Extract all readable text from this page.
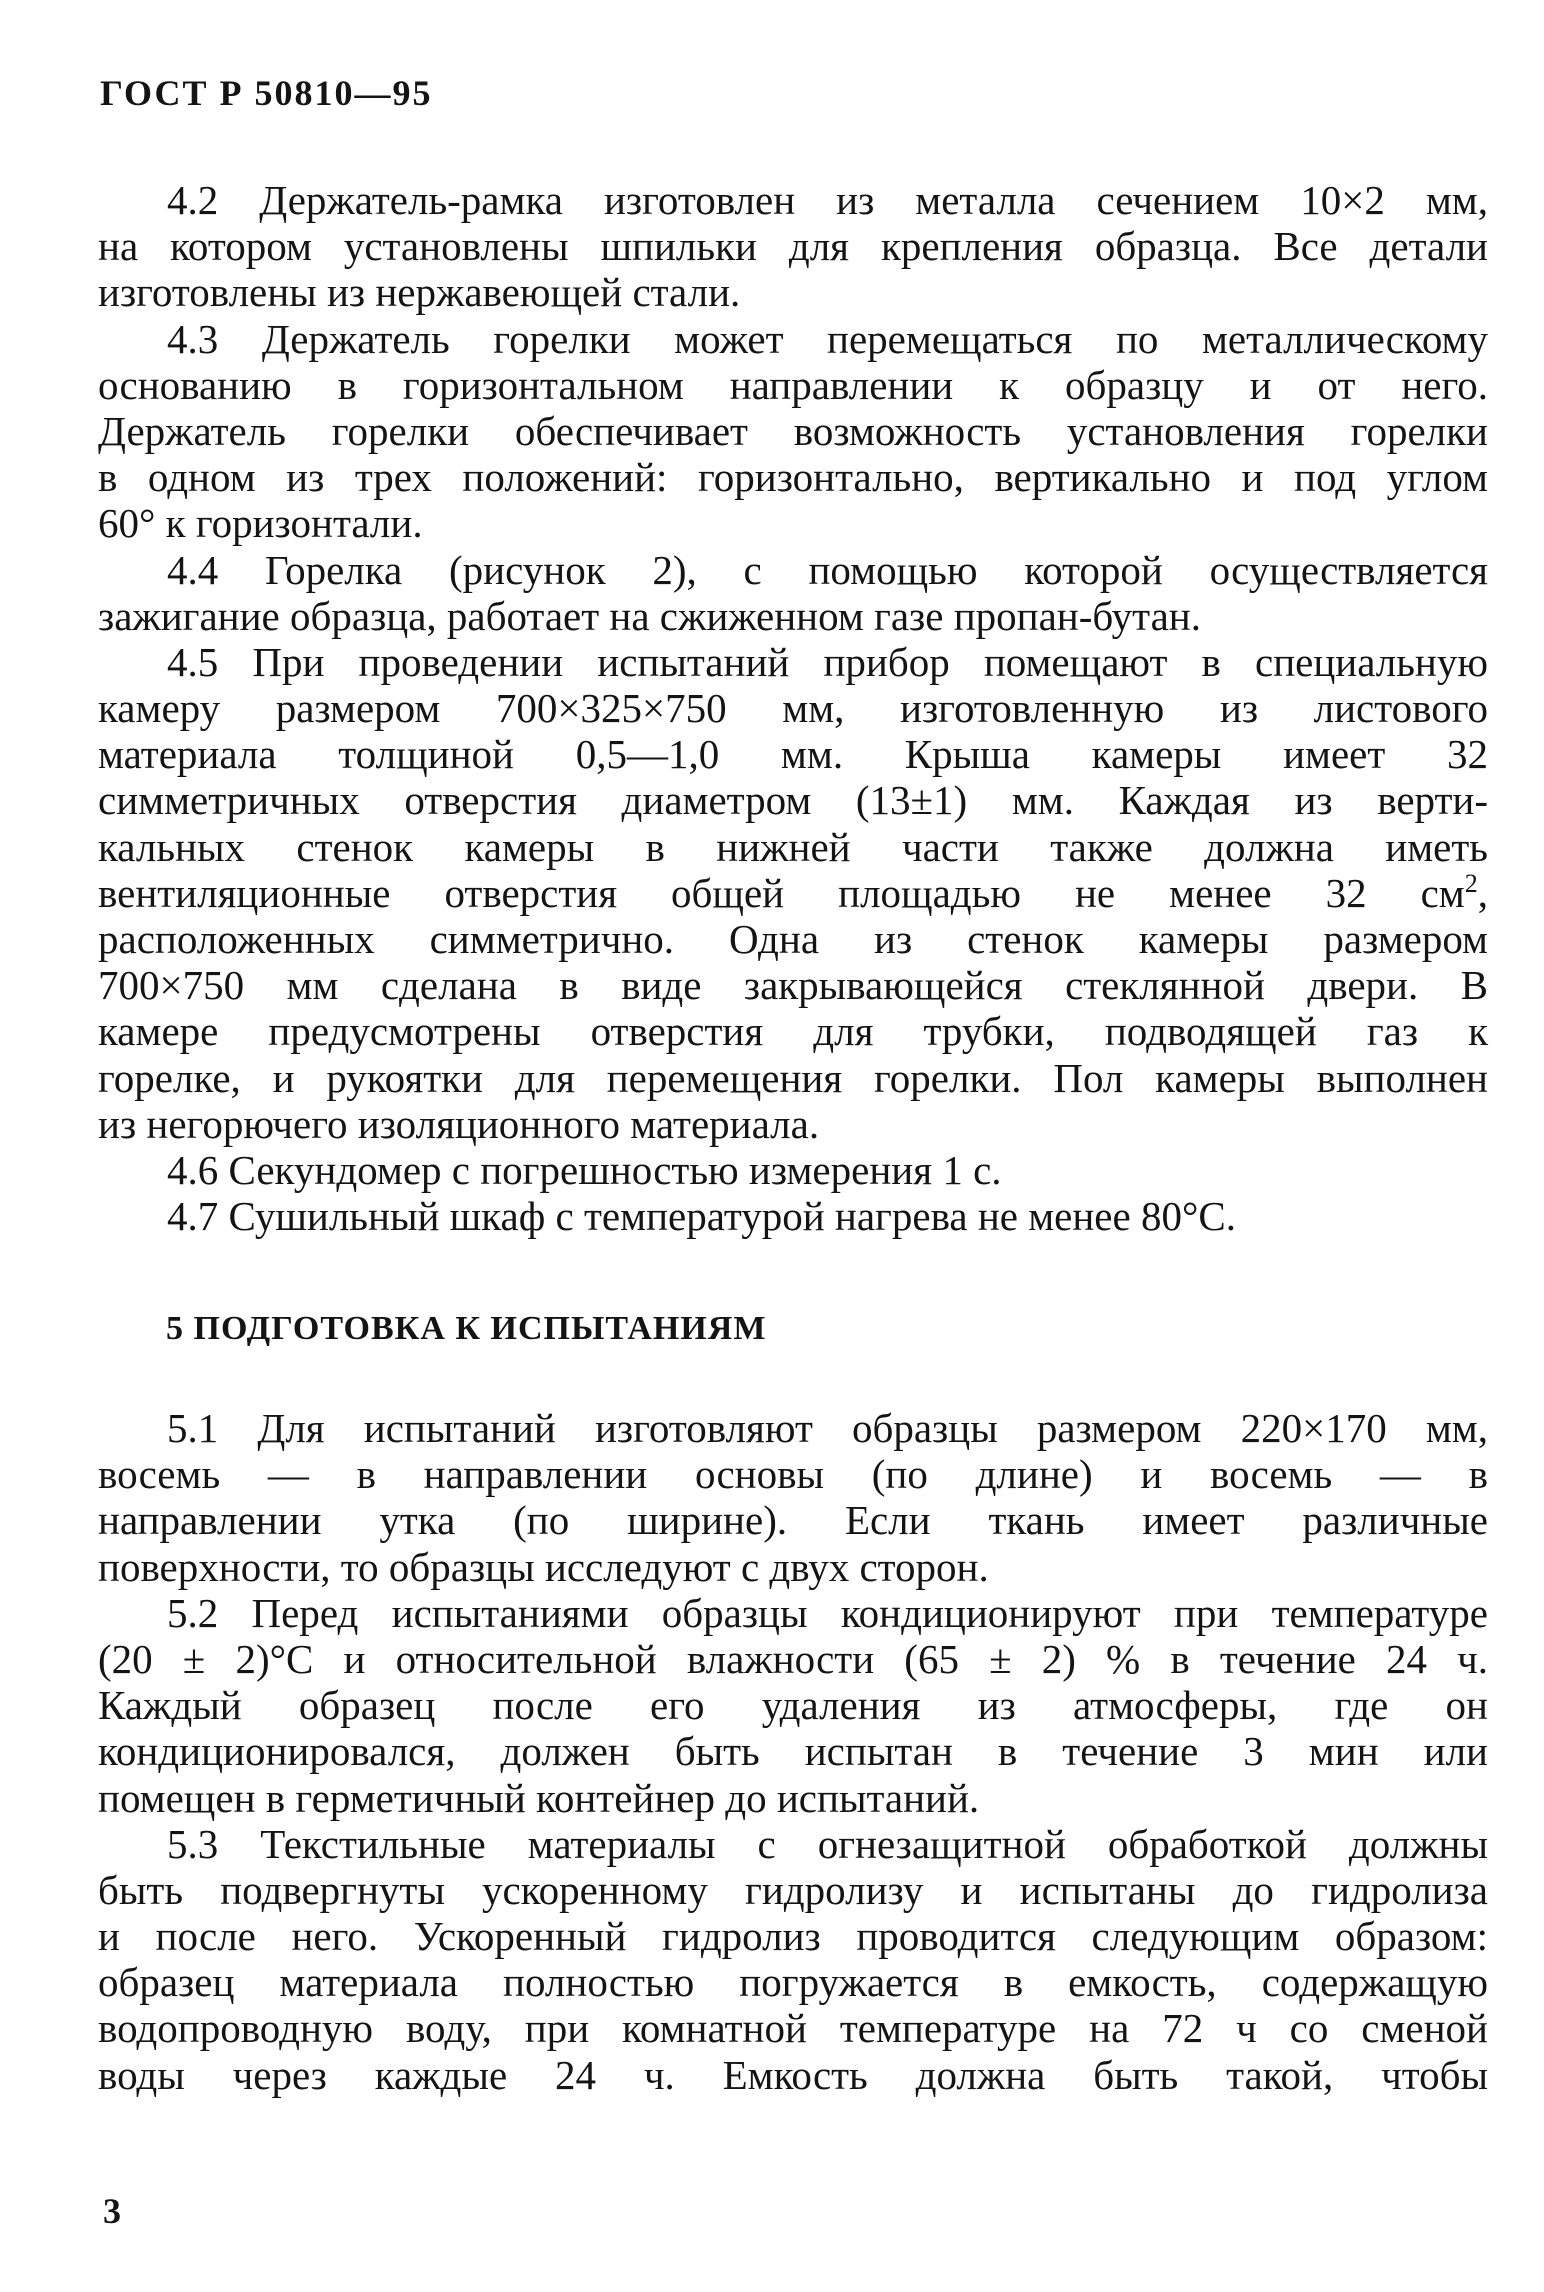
ГОСТ Р 50810—95
4.2 Держатель-рамка изготовлен из металла сечением 10×2 мм,
на котором установлены шпильки для крепления образца. Все детали
изготовлены из нержавеющей стали.
4.3 Держатель горелки может перемещаться по металлическому
основанию в горизонтальном направлении к образцу и от него.
Держатель горелки обеспечивает возможность установления горелки
в одном из трех положений: горизонтально, вертикально и под углом
60° к горизонтали.
4.4 Горелка (рисунок 2), с помощью которой осуществляется
зажигание образца, работает на сжиженном газе пропан-бутан.
4.5 При проведении испытаний прибор помещают в специальную
камеру размером 700×325×750 мм, изготовленную из листового
материала толщиной 0,5—1,0 мм. Крыша камеры имеет 32
симметричных отверстия диаметром (13±1) мм. Каждая из верти-
кальных стенок камеры в нижней части также должна иметь
вентиляционные отверстия общей площадью не менее 32 $см^2$,
расположенных симметрично. Одна из стенок камеры размером
700×750 мм сделана в виде закрывающейся стеклянной двери. В
камере предусмотрены отверстия для трубки, подводящей газ к
горелке, и рукоятки для перемещения горелки. Пол камеры выполнен
из негорючего изоляционного материала.
4.6 Секундомер с погрешностью измерения 1 с.
4.7 Сушильный шкаф с температурой нагрева не менее 80°С.
5 ПОДГОТОВКА К ИСПЫТАНИЯМ
5.1 Для испытаний изготовляют образцы размером 220×170 мм,
восемь — в направлении основы (по длине) и восемь — в
направлении утка (по ширине). Если ткань имеет различные
поверхности, то образцы исследуют с двух сторон.
5.2 Перед испытаниями образцы кондиционируют при температуре
(20 ± 2)°С и относительной влажности (65 ± 2) % в течение 24 ч.
Каждый образец после его удаления из атмосферы, где он
кондиционировался, должен быть испытан в течение 3 мин или
помещен в герметичный контейнер до испытаний.
5.3 Текстильные материалы с огнезащитной обработкой должны
быть подвергнуты ускоренному гидролизу и испытаны до гидролиза
и после него. Ускоренный гидролиз проводится следующим образом:
образец материала полностью погружается в емкость, содержащую
водопроводную воду, при комнатной температуре на 72 ч со сменой
воды через каждые 24 ч. Емкость должна быть такой, чтобы
3
